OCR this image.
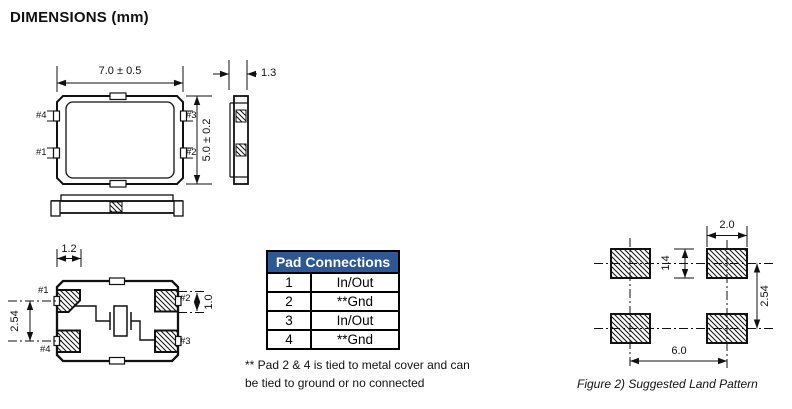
DIMENSIONS (mm)
7.0 ± 0.5
5.0 ± 0.2
1.3
#4	#3
#1	#2
1.2
2.54
1.0
#1
#2
#3
#4
Pad Connections	
1	In/Out
2	**Gnd
3	In/Out
4	**Gnd
** Pad 2 & 4 is tied to metal cover and can
be tied to ground or no connected
2.0
1.4
2.54
6.0
Figure 2) Suggested Land Pattern
